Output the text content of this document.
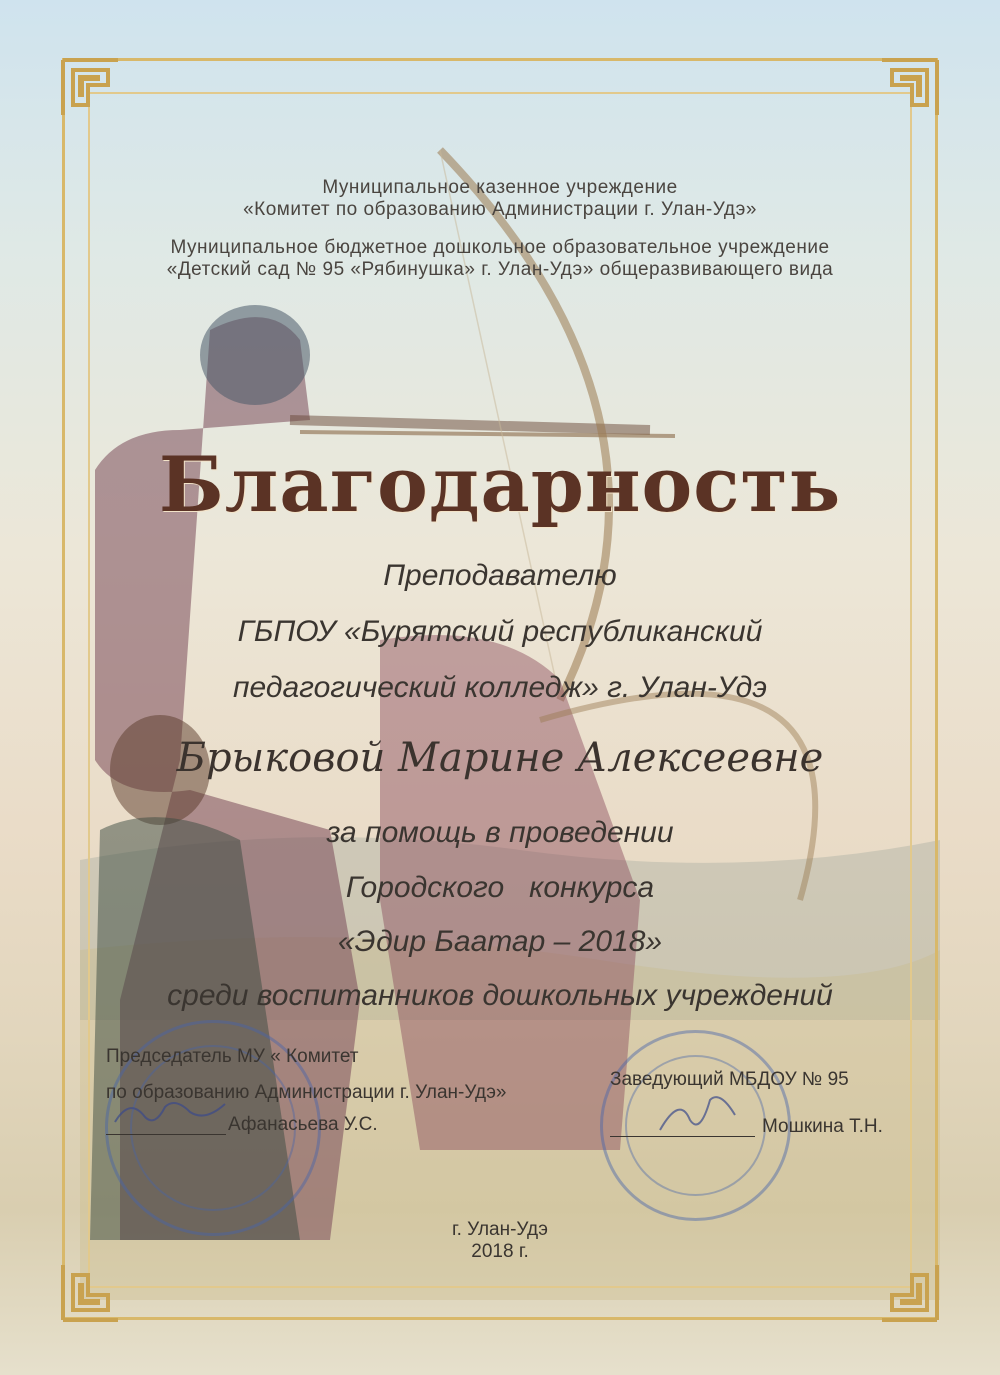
Муниципальное казенное учреждение
«Комитет по образованию Администрации г. Улан-Удэ»
Муниципальное бюджетное дошкольное образовательное учреждение
«Детский сад № 95 «Рябинушка» г. Улан-Удэ» общеразвивающего вида
Благодарность
Преподавателю
ГБПОУ «Бурятский республиканский
педагогический колледж» г. Улан-Удэ
Брыковой Марине Алексеевне
за помощь в проведении
Городского   конкурса
«Эдир Баатар – 2018»
среди воспитанников дошкольных учреждений
Председатель МУ « Комитет
по образованию Администрации г. Улан-Удэ»
Афанасьева У.С.
Заведующий МБДОУ № 95
Мошкина Т.Н.
г. Улан-Удэ
2018 г.
